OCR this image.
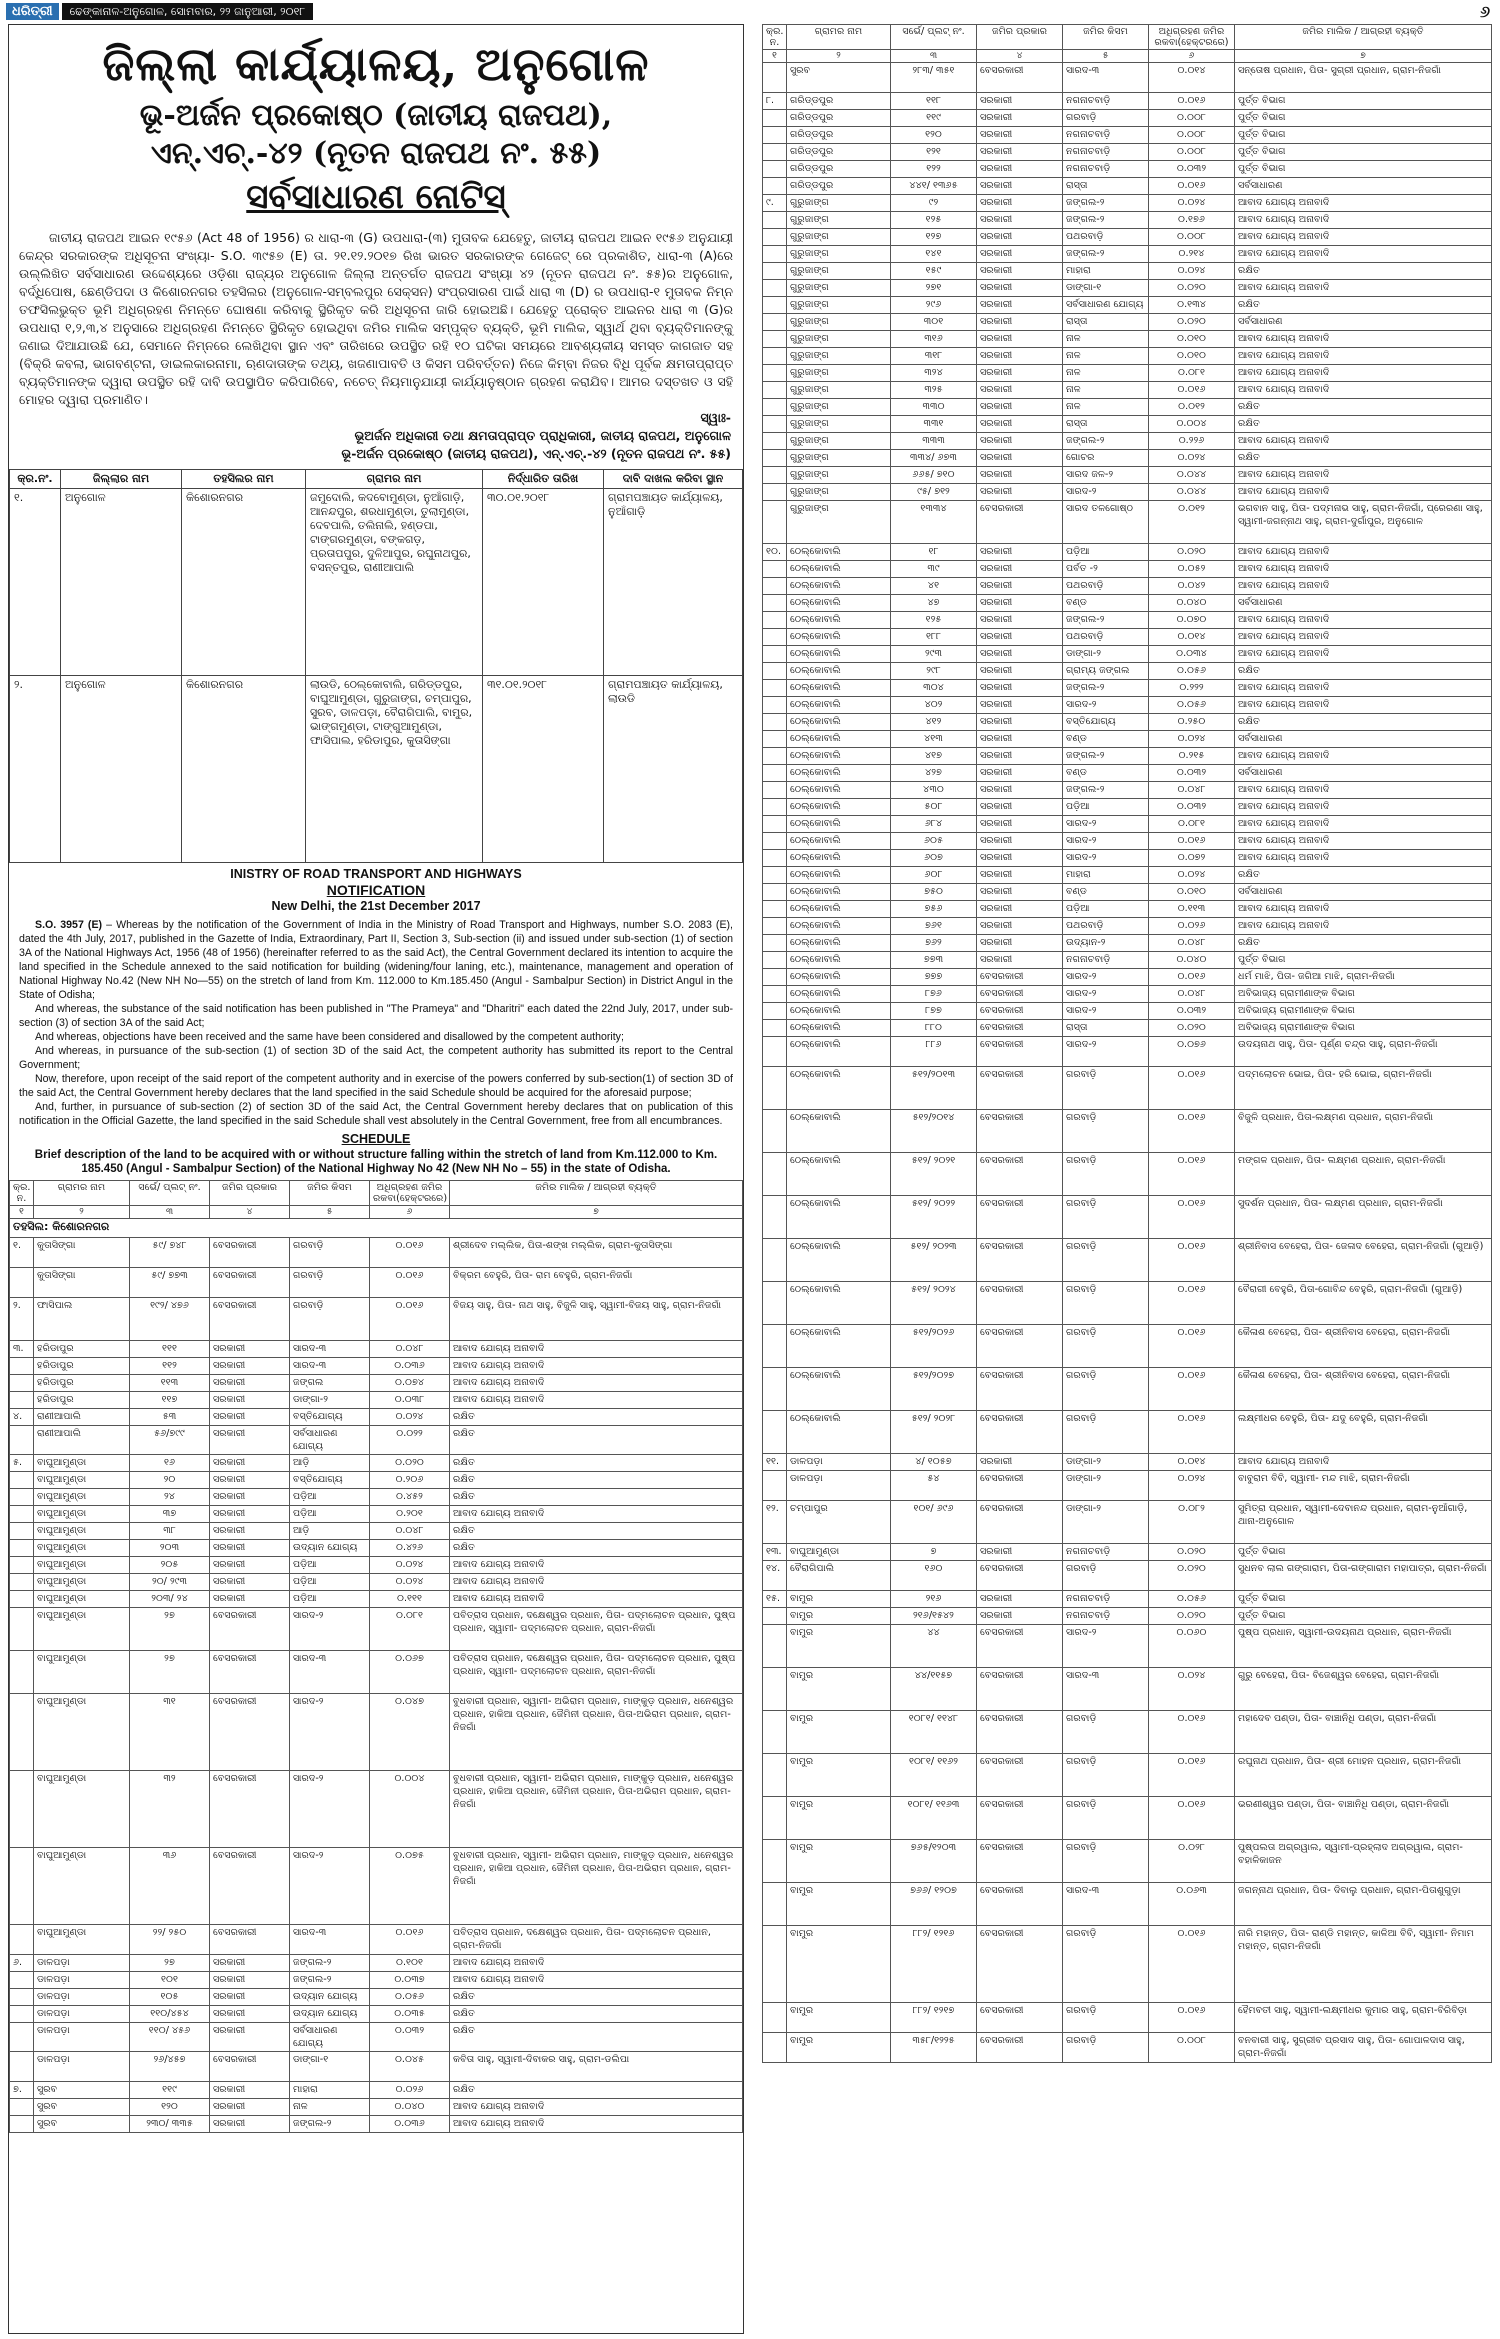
ଧରିତ୍ରୀ	ଢେଙ୍କାନାଳ-ଅନୁଗୋଳ, ସୋମବାର, ୨୨ ଜାନୁଆରୀ, ୨୦୧୮	୬
ଜିଲ୍ଲା କାର୍ଯ୍ୟାଳୟ, ଅନୁଗୋଳ
ଭୂ-ଅର୍ଜନ ପ୍ରକୋଷ୍ଠ (ଜାତୀୟ ରାଜପଥ),
ଏନ୍.ଏଚ୍.-୪୨ (ନୂତନ ରାଜପଥ ନଂ. ୫୫)
ସର୍ବସାଧାରଣ ନୋଟିସ୍

ଜାତୀୟ ରାଜପଥ ଆଇନ ୧୯୫୬ (Act 48 of 1956) ର ଧାରା-୩ (G) ଉପଧାରା-(୩) ମୁତାବକ ଯେହେତୁ, ଜାତୀୟ ରାଜପଥ ଆଇନ ୧୯୫୬ ଅନୁଯାୟୀ କେନ୍ଦ୍ର ସରକାରଙ୍କ ଅଧିସୂଚନା ସଂଖ୍ୟା- S.O. ୩୯୫୭ (E) ତା. ୨୧.୧୨.୨୦୧୭ ରିଖ ଭାରତ ସରକାରଙ୍କ ଗେଜେଟ୍ ରେ ପ୍ରକାଶିତ, ଧାରା-୩ (A)ରେ ଉଲ୍ଲିଖିତ ସର୍ବସାଧାରଣ ଉଦ୍ଦେଶ୍ୟରେ ଓଡ଼ିଶା ରାଜ୍ୟର ଅନୁଗୋଳ ଜିଲ୍ଲା ଅନ୍ତର୍ଗତ ରାଜପଥ ସଂଖ୍ୟା ୪୨ (ନୂତନ ରାଜପଥ ନଂ. ୫୫)ର ଅନୁଗୋଳ, ବର୍ଦ୍ଧିପୋଷ, ଛେଣ୍ଡିପଦା ଓ କିଶୋରନଗର ତହସିଲର (ଅନୁଗୋଳ-ସମ୍ବଲପୁର ସେକ୍ସନ) ସଂପ୍ରସାରଣ ପାଇଁ ଧାରା ୩ (D) ର ଉପଧାରା-୧ ମୁତାବକ ନିମ୍ନ ତଫସିଲଭୁକ୍ତ ଭୂମି ଅଧିଗ୍ରହଣ ନିମନ୍ତେ ଘୋଷଣା କରିବାକୁ ସ୍ଥିରିକୃତ କରି ଅଧିସୂଚନା ଜାରି ହୋଇଅଛି। ଯେହେତୁ ପ୍ରୋକ୍ତ ଆଇନର ଧାରା ୩ (G)ର ଉପଧାରା ୧,୨,୩,୪ ଅନୁସାରେ ଅଧିଗ୍ରହଣ ନିମନ୍ତେ ସ୍ଥିରିକୃତ ହୋଇଥିବା ଜମିର ମାଲିକ ସମ୍ପୃକ୍ତ ବ୍ୟକ୍ତି, ଭୂମି ମାଲିକ, ସ୍ୱାର୍ଥ ଥିବା ବ୍ୟକ୍ତିମାନଙ୍କୁ ଜଣାଇ ଦିଆଯାଉଛି ଯେ, ସେମାନେ ନିମ୍ନରେ ଲେଖିଥିବା ସ୍ଥାନ ଏବଂ ତାରିଖରେ ଉପସ୍ଥିତ ରହି ୧୦ ଘଟିକା ସମୟରେ ଆବଶ୍ୟକୀୟ ସମସ୍ତ କାଗଜାତ ସହ (ବିକ୍ରି କବଲା, ଭାଗବଣ୍ଟନା, ଡାଇଲକାରନାମା, ଋଣଦାତାଙ୍କ ତଥ୍ୟ, ଖଜଣାପାବତି ଓ କିସମ ପରିବର୍ତ୍ତନ) ନିଜେ କିମ୍ବା ନିଜର ବିଧି ପୂର୍ବକ କ୍ଷମତାପ୍ରାପ୍ତ ବ୍ୟକ୍ତିମାନଙ୍କ ଦ୍ୱାରା ଉପସ୍ଥିତ ରହି ଦାବି ଉପସ୍ଥାପିତ କରିପାରିବେ, ନଚେତ୍ ନିୟମାନୁଯାୟୀ କାର୍ଯ୍ୟାନୁଷ୍ଠାନ ଗ୍ରହଣ କରାଯିବ। ଆମର ଦସ୍ତଖତ ଓ ସହି ମୋହର ଦ୍ୱାରା ପ୍ରମାଣିତ।

ସ୍ୱାଃ-
ଭୂଅର୍ଜନ ଅଧିକାରୀ ତଥା କ୍ଷମତାପ୍ରାପ୍ତ ପ୍ରାଧିକାରୀ, ଜାତୀୟ ରାଜପଥ, ଅନୁଗୋଳ
ଭୂ-ଅର୍ଜନ ପ୍ରକୋଷ୍ଠ (ଜାତୀୟ ରାଜପଥ), ଏନ୍.ଏଚ୍.-୪୨ (ନୂତନ ରାଜପଥ ନଂ. ୫୫)
କ୍ର.ନଂ.	ଜିଲ୍ଲାର ନାମ	ତହସିଲର ନାମ	ଗ୍ରାମର ନାମ	ନିର୍ଦ୍ଧାରିତ ତାରିଖ	ଦାବି ଦାଖଲ କରିବା ସ୍ଥାନ
୧.	ଅନୁଗୋଳ	କିଶୋରନଗର	ଜମୁଦୋଲି, କଦବୋମୁଣ୍ଡା, ନୁଆଁଗାଡ଼ି, ଆନନ୍ଦପୁର, ଶରଧାମୁଣ୍ଡା, ତୁଲାମୁଣ୍ଡା, ଦେବପାଲି, ତଲିନାଲି, ହଣ୍ଡପା, ଟାଙ୍ଗରମୁଣ୍ଡା, ବଙ୍କଗଡ଼, ପ୍ରତାପପୁର, ଦୁଳିଆପୁର, ରଘୁନାଥପୁର, ବସନ୍ତପୁର, ରାଣୀଆପାଲି	୩୦.୦୧.୨୦୧୮	ଗ୍ରାମପଞ୍ଚାୟତ କାର୍ଯ୍ୟାଳୟ, ନୁଆଁଗାଡ଼ି
୨.	ଅନୁଗୋଳ	କିଶୋରନଗର	ଲାଉଡି, ଠେଲ୍କୋବାଲି, ଗରିଡ୍ଡପୁର, ବାଘୁଆମୁଣ୍ଡା, ଗୁରୁଜାଙ୍ଗ, ଚମ୍ପାପୁର, ସୁରବ, ଡାଳପଡ଼ା, ବୈରାଗିପାଲି, ବାମୁର, ଭାଙ୍ଗମୁଣ୍ଡା, ଟାଙ୍ଗୁଆମୁଣ୍ଡା, ଫାସିପାଲ, ହରିଡାପୁର, କୁତାସିଙ୍ଗା	୩୧.୦୧.୨୦୧୮	ଗ୍ରାମପଞ୍ଚାୟତ କାର୍ଯ୍ୟାଳୟ, ଲାଉଡି
INISTRY OF ROAD TRANSPORT AND HIGHWAYS
NOTIFICATION
New Delhi, the 21st December 2017

S.O. 3957 (E) – Whereas by the notification of the Government of India in the Ministry of Road Transport and Highways, number S.O. 2083 (E), dated the 4th July, 2017, published in the Gazette of India, Extraordinary, Part II, Section 3, Sub-section (ii) and issued under sub-section (1) of section 3A of the National Highways Act, 1956 (48 of 1956) (hereinafter referred to as the said Act), the Central Government declared its intention to acquire the land specified in the Schedule annexed to the said notification for building (widening/four laning, etc.), maintenance, management and operation of National Highway No.42 (New NH No—55) on the stretch of land from Km. 112.000 to Km.185.450 (Angul - Sambalpur Section) in District Angul in the State of Odisha;

And whereas, the substance of the said notification has been published in "The Prameya" and "Dharitri" each dated the 22nd July, 2017, under sub-section (3) of section 3A of the said Act;

And whereas, objections have been received and the same have been considered and disallowed by the competent authority;

And whereas, in pursuance of the sub-section (1) of section 3D of the said Act, the competent authority has submitted its report to the Central Government;

Now, therefore, upon receipt of the said report of the competent authority and in exercise of the powers conferred by sub-section(1) of section 3D of the said Act, the Central Government hereby declares that the land specified in the said Schedule should be acquired for the aforesaid purpose;

And, further, in pursuance of sub-section (2) of section 3D of the said Act, the Central Government hereby declares that on publication of this notification in the Official Gazette, the land specified in the said Schedule shall vest absolutely in the Central Government, free from all encumbrances.

SCHEDULE
Brief description of the land to be acquired with or without structure falling within the stretch of land from Km.112.000 to Km. 185.450 (Angul - Sambalpur Section) of the National Highway No 42 (New NH No – 55) in the state of Odisha.
କ୍ର. ନ.	ଗ୍ରାମର ନାମ	ସର୍ଭେ/ ପ୍ଲଟ୍ ନଂ.	ଜମିର ପ୍ରକାର	ଜମିର କିସମ	ଅଧିଗ୍ରହଣ ଜମିର ରକବା(ହେକ୍ଟରରେ)	ଜମିର ମାଲିକ / ଆଗ୍ରହୀ ବ୍ୟକ୍ତି
୧	୨	୩	୪	୫	୬	୭
ତହସିଲ: କିଶୋରନଗର						
୧.	କୁତାସିଙ୍ଗା	୫୯/ ୭୪୮	ବେସରକାରୀ	ଗରବାଡ଼ି	୦.୦୧୬	ଶ୍ରୀଦେବ ମଲ୍ଲିକ, ପିତା-ଶଙ୍ଖ ମଲ୍ଲିକ, ଗ୍ରାମ-କୁତାସିଙ୍ଗା
	କୁତାସିଙ୍ଗା	୫୯/ ୭୭୩	ବେସରକାରୀ	ଗରବାଡ଼ି	୦.୦୧୬	ବିକ୍ରମ ବେହୁରି, ପିତା- ରାମ ବେହୁରି, ଗ୍ରାମ-ନିଜଗାଁ
୨.	ଫାସିପାଲ	୧୯୨/ ୪୭୬	ବେସରକାରୀ	ଗରବାଡ଼ି	୦.୦୧୬	ବିଜୟ ସାହୁ, ପିତା- ନାଥ ସାହୁ, ବିଜୁଳି ସାହୁ, ସ୍ୱାମୀ-ବିଜୟ ସାହୁ, ଗ୍ରାମ-ନିଜଗାଁ
୩.	ହରିଡାପୁର	୧୧୧	ସରକାରୀ	ସାରଦ-୩	୦.୦୪୮	ଆବାଦ ଯୋଗ୍ୟ ଅନାବାଦି
	ହରିଡାପୁର	୧୧୨	ସରକାରୀ	ସାରଦ-୩	୦.୦୩୬	ଆବାଦ ଯୋଗ୍ୟ ଅନାବାଦି
	ହରିଡାପୁର	୧୧୩	ସରକାରୀ	ଜଙ୍ଗଲ	୦.୦୭୪	ଆବାଦ ଯୋଗ୍ୟ ଅନାବାଦି
	ହରିଡାପୁର	୧୧୭	ସରକାରୀ	ଡାଙ୍ଗା-୨	୦.୦୩୮	ଆବାଦ ଯୋଗ୍ୟ ଅନାବାଦି
୪.	ରାଣୀଆପାଲି	୫୩	ସରକାରୀ	ବସ୍ତିଯୋଗ୍ୟ	୦.୦୨୪	ରକ୍ଷିତ
	ରାଣୀଆପାଲି	୫୬/୭୯୯	ସରକାରୀ	ସର୍ବସାଧାରଣ ଯୋଗ୍ୟ	୦.୦୨୨	ରକ୍ଷିତ
୫.	ବାଘୁଆମୁଣ୍ଡା	୧୬	ସରକାରୀ	ଆଡ଼ି	୦.୦୨୦	ରକ୍ଷିତ
	ବାଘୁଆମୁଣ୍ଡା	୨୦	ସରକାରୀ	ବସ୍ତିଯୋଗ୍ୟ	୦.୨୦୬	ରକ୍ଷିତ
	ବାଘୁଆମୁଣ୍ଡା	୨୪	ସରକାରୀ	ପଡ଼ିଆ	୦.୪୫୨	ରକ୍ଷିତ
	ବାଘୁଆମୁଣ୍ଡା	୩୭	ସରକାରୀ	ପଡ଼ିଆ	୦.୨୦୧	ଆବାଦ ଯୋଗ୍ୟ ଅନାବାଦି
	ବାଘୁଆମୁଣ୍ଡା	୩୮	ସରକାରୀ	ଆଡ଼ି	୦.୦୪୮	ରକ୍ଷିତ
	ବାଘୁଆମୁଣ୍ଡା	୨୦୩	ସରକାରୀ	ଉଦ୍ୟାନ ଯୋଗ୍ୟ	୦.୪୨୬	ରକ୍ଷିତ
	ବାଘୁଆମୁଣ୍ଡା	୨୦୫	ସରକାରୀ	ପଡ଼ିଆ	୦.୦୨୪	ଆବାଦ ଯୋଗ୍ୟ ଅନାବାଦି
	ବାଘୁଆମୁଣ୍ଡା	୨୦/ ୨୯୩	ସରକାରୀ	ପଡ଼ିଆ	୦.୦୨୪	ଆବାଦ ଯୋଗ୍ୟ ଅନାବାଦି
	ବାଘୁଆମୁଣ୍ଡା	୨୦୩/ ୨୪	ସରକାରୀ	ପଡ଼ିଆ	୦.୧୧୧	ଆବାଦ ଯୋଗ୍ୟ ଅନାବାଦି
	ବାଘୁଆମୁଣ୍ଡା	୨୭	ବେସରକାରୀ	ସାରଦ-୨	୦.୦୮୧	ପବିତ୍ରାସ ପ୍ରଧାନ, ଦକ୍ଷେଶ୍ୱର ପ୍ରଧାନ, ପିତା- ପଦ୍ମଲୋଚନ ପ୍ରଧାନ, ପୁଷ୍ପ ପ୍ରଧାନ, ସ୍ୱାମୀ- ପଦ୍ମଲୋଚନ ପ୍ରଧାନ, ଗ୍ରାମ-ନିଜଗାଁ
	ବାଘୁଆମୁଣ୍ଡା	୨୭	ବେସରକାରୀ	ସାରଦ-୩	୦.୦୬୭	ପବିତ୍ରାସ ପ୍ରଧାନ, ଦକ୍ଷେଶ୍ୱର ପ୍ରଧାନ, ପିତା- ପଦ୍ମଲୋଚନ ପ୍ରଧାନ, ପୁଷ୍ପ ପ୍ରଧାନ, ସ୍ୱାମୀ- ପଦ୍ମଲୋଚନ ପ୍ରଧାନ, ଗ୍ରାମ-ନିଜଗାଁ
	ବାଘୁଆମୁଣ୍ଡା	୩୧	ବେସରକାରୀ	ସାରଦ-୨	୦.୦୪୭	ବୁଧବାରୀ ପ୍ରଧାନ, ସ୍ୱାମୀ- ଅଭିରାମ ପ୍ରଧାନ, ମାଙ୍କୁଡ଼ ପ୍ରଧାନ, ଧନେଶ୍ୱର ପ୍ରଧାନ, ହାକିଆ ପ୍ରଧାନ, ଜୈମିନୀ ପ୍ରଧାନ, ପିତା-ଅଭିରାମ ପ୍ରଧାନ, ଗ୍ରାମ-ନିଜଗାଁ
	ବାଘୁଆମୁଣ୍ଡା	୩୨	ବେସରକାରୀ	ସାରଦ-୨	୦.୦୦୪	ବୁଧବାରୀ ପ୍ରଧାନ, ସ୍ୱାମୀ- ଅଭିରାମ ପ୍ରଧାନ, ମାଙ୍କୁଡ଼ ପ୍ରଧାନ, ଧନେଶ୍ୱର ପ୍ରଧାନ, ହାକିଆ ପ୍ରଧାନ, ଜୈମିନୀ ପ୍ରଧାନ, ପିତା-ଅଭିରାମ ପ୍ରଧାନ, ଗ୍ରାମ-ନିଜଗାଁ
	ବାଘୁଆମୁଣ୍ଡା	୩୬	ବେସରକାରୀ	ସାରଦ-୨	୦.୦୭୫	ବୁଧବାରୀ ପ୍ରଧାନ, ସ୍ୱାମୀ- ଅଭିରାମ ପ୍ରଧାନ, ମାଙ୍କୁଡ଼ ପ୍ରଧାନ, ଧନେଶ୍ୱର ପ୍ରଧାନ, ହାକିଆ ପ୍ରଧାନ, ଜୈମିନୀ ପ୍ରଧାନ, ପିତା-ଅଭିରାମ ପ୍ରଧାନ, ଗ୍ରାମ-ନିଜଗାଁ
	ବାଘୁଆମୁଣ୍ଡା	୨୨/ ୨୫୦	ବେସରକାରୀ	ସାରଦ-୩	୦.୦୧୬	ପବିତ୍ରାସ ପ୍ରଧାନ, ଦକ୍ଷେଶ୍ୱର ପ୍ରଧାନ, ପିତା- ପଦ୍ମଲୋଚନ ପ୍ରଧାନ, ଗ୍ରାମ-ନିଜଗାଁ
୬.	ଡାଳପଡ଼ା	୨୭	ସରକାରୀ	ଜଙ୍ଗଲ-୨	୦.୧୦୧	ଆବାଦ ଯୋଗ୍ୟ ଅନାବାଦି
	ଡାଳପଡ଼ା	୧୦୧	ସରକାରୀ	ଜଙ୍ଗଲ-୨	୦.୦୩୭	ଆବାଦ ଯୋଗ୍ୟ ଅନାବାଦି
	ଡାଳପଡ଼ା	୧୦୫	ସରକାରୀ	ଉଦ୍ୟାନ ଯୋଗ୍ୟ	୦.୦୫୬	ରକ୍ଷିତ
	ଡାଳପଡ଼ା	୧୧୦/୪୫୪	ସରକାରୀ	ଉଦ୍ୟାନ ଯୋଗ୍ୟ	୦.୦୩୫	ରକ୍ଷିତ
	ଡାଳପଡ଼ା	୧୧୦/ ୪୫୬	ସରକାରୀ	ସର୍ବସାଧାରଣ ଯୋଗ୍ୟ	୦.୦୩୨	ରକ୍ଷିତ
	ଡାଳପଡ଼ା	୨୬/୪୫୭	ବେସରକାରୀ	ଡାଙ୍ଗା-୧	୦.୦୪୫	କବିତା ସାହୁ, ସ୍ୱାମୀ-ଦିବାକର ସାହୁ, ଗ୍ରାମ-ଡଲିପା
୭.	ସୁରବ	୧୧୯	ସରକାରୀ	ମାହାରା	୦.୦୨୬	ରକ୍ଷିତ
	ସୁରବ	୧୨୦	ସରକାରୀ	ନାଳ	୦.୦୪୦	ଆବାଦ ଯୋଗ୍ୟ ଅନାବାଦି
	ସୁରବ	୨୩୦/ ୩୩୫	ସରକାରୀ	ଜଙ୍ଗଲ-୨	୦.୦୩୬	ଆବାଦ ଯୋଗ୍ୟ ଅନାବାଦି
କ୍ର. ନ.	ଗ୍ରାମର ନାମ	ସର୍ଭେ/ ପ୍ଲଟ୍ ନଂ.	ଜମିର ପ୍ରକାର	ଜମିର କିସମ	ଅଧିଗ୍ରହଣ ଜମିର ରକବା(ହେକ୍ଟରରେ)	ଜମିର ମାଲିକ / ଆଗ୍ରହୀ ବ୍ୟକ୍ତି
୧	୨	୩	୪	୫	୬	୭
	ସୁରବ	୨୮୩/ ୩୫୧	ବେସରକାରୀ	ସାରଦ-୩	୦.୦୧୪	ସନ୍ତୋଷ ପ୍ରଧାନ, ପିତା- ସୁଗ୍ରୀ ପ୍ରଧାନ, ଗ୍ରାମ-ନିଜଗାଁ
୮.	ଗରିଡ୍ଡପୁର	୧୧୮	ସରକାରୀ	ନଗନାଚବାଡ଼ି	୦.୦୧୬	ପୁର୍ତ୍ତ ବିଭାଗ
	ଗରିଡ୍ଡପୁର	୧୧୯	ସରକାରୀ	ଗରବାଡ଼ି	୦.୦୦୮	ପୁର୍ତ୍ତ ବିଭାଗ
	ଗରିଡ୍ଡପୁର	୧୨୦	ସରକାରୀ	ନଗନାଚବାଡ଼ି	୦.୦୦୮	ପୁର୍ତ୍ତ ବିଭାଗ
	ଗରିଡ୍ଡପୁର	୧୨୧	ସରକାରୀ	ନଗନାଚବାଡ଼ି	୦.୦୦୮	ପୁର୍ତ୍ତ ବିଭାଗ
	ଗରିଡ୍ଡପୁର	୧୨୨	ସରକାରୀ	ନଗନାଚବାଡ଼ି	୦.୦୩୨	ପୁର୍ତ୍ତ ବିଭାଗ
	ଗରିଡ୍ଡପୁର	୪୪୧/ ୧୩୬୫	ସରକାରୀ	ରାସ୍ତା	୦.୦୧୬	ସର୍ବସାଧାରଣ
୯.	ଗୁରୁଜାଙ୍ଗ	୯୨	ସରକାରୀ	ଜଙ୍ଗଲ-୨	୦.୦୨୪	ଆବାଦ ଯୋଗ୍ୟ ଅନାବାଦି
	ଗୁରୁଜାଙ୍ଗ	୧୨୫	ସରକାରୀ	ଜଙ୍ଗଲ-୨	୦.୧୭୬	ଆବାଦ ଯୋଗ୍ୟ ଅନାବାଦି
	ଗୁରୁଜାଙ୍ଗ	୧୨୭	ସରକାରୀ	ପଥରବାଡ଼ି	୦.୦୦୮	ଆବାଦ ଯୋଗ୍ୟ ଅନାବାଦି
	ଗୁରୁଜାଙ୍ଗ	୧୪୧	ସରକାରୀ	ଜଙ୍ଗଲ-୨	୦.୨୧୪	ଆବାଦ ଯୋଗ୍ୟ ଅନାବାଦି
	ଗୁରୁଜାଙ୍ଗ	୧୫୯	ସରକାରୀ	ମାହାରା	୦.୦୨୪	ରକ୍ଷିତ
	ଗୁରୁଜାଙ୍ଗ	୨୭୧	ସରକାରୀ	ଡାଙ୍ଗା-୧	୦.୦୨୦	ଆବାଦ ଯୋଗ୍ୟ ଅନାବାଦି
	ଗୁରୁଜାଙ୍ଗ	୨୯୬	ସରକାରୀ	ସର୍ବସାଧାରଣ ଯୋଗ୍ୟ	୦.୧୩୪	ରକ୍ଷିତ
	ଗୁରୁଜାଙ୍ଗ	୩୦୧	ସରକାରୀ	ରାସ୍ତା	୦.୦୨୦	ସର୍ବସାଧାରଣ
	ଗୁରୁଜାଙ୍ଗ	୩୧୬	ସରକାରୀ	ନାଳ	୦.୦୧୦	ଆବାଦ ଯୋଗ୍ୟ ଅନାବାଦି
	ଗୁରୁଜାଙ୍ଗ	୩୧୮	ସରକାରୀ	ନାଳ	୦.୦୧୦	ଆବାଦ ଯୋଗ୍ୟ ଅନାବାଦି
	ଗୁରୁଜାଙ୍ଗ	୩୨୪	ସରକାରୀ	ନାଳ	୦.୦୮୧	ଆବାଦ ଯୋଗ୍ୟ ଅନାବାଦି
	ଗୁରୁଜାଙ୍ଗ	୩୨୫	ସରକାରୀ	ନାଳ	୦.୦୧୬	ଆବାଦ ଯୋଗ୍ୟ ଅନାବାଦି
	ଗୁରୁଜାଙ୍ଗ	୩୩୦	ସରକାରୀ	ନାଳ	୦.୦୧୨	ରକ୍ଷିତ
	ଗୁରୁଜାଙ୍ଗ	୩୩୧	ସରକାରୀ	ରାସ୍ତା	୦.୦୦୪	ରକ୍ଷିତ
	ଗୁରୁଜାଙ୍ଗ	୩୩୩	ସରକାରୀ	ଜଙ୍ଗଲ-୨	୦.୨୨୬	ଆବାଦ ଯୋଗ୍ୟ ଅନାବାଦି
	ଗୁରୁଜାଙ୍ଗ	୩୩୪/ ୬୭୩	ସରକାରୀ	ଗୋଚର	୦.୦୨୪	ରକ୍ଷିତ
	ଗୁରୁଜାଙ୍ଗ	୬୬୫/ ୭୧୦	ସରକାରୀ	ସାରଦ ଜଳ-୨	୦.୦୪୪	ଆବାଦ ଯୋଗ୍ୟ ଅନାବାଦି
	ଗୁରୁଜାଙ୍ଗ	୯୫/ ୭୧୨	ସରକାରୀ	ସାରଦ-୨	୦.୦୪୪	ଆବାଦ ଯୋଗ୍ୟ ଅନାବାଦି
	ଗୁରୁଜାଙ୍ଗ	୧୩୩୪	ବେସରକାରୀ	ସାରଦ ତଳଗୋଷ୍ଠ	୦.୦୧୨	ଭଗବାନ ସାହୁ, ପିତା- ପଦ୍ମନାଭ ସାହୁ, ଗ୍ରାମ-ନିଜଗାଁ, ପ୍ରେରଣା ସାହୁ, ସ୍ୱାମୀ-ଜଗନ୍ନାଥ ସାହୁ, ଗ୍ରାମ-ଦୁର୍ଗାପୁର, ଅନୁଗୋଳ
୧୦.	ଠେଲ୍କୋବାଲି	୧୮	ସରକାରୀ	ପଡ଼ିଆ	୦.୦୨୦	ଆବାଦ ଯୋଗ୍ୟ ଅନାବାଦି
	ଠେଲ୍କୋବାଲି	୩୯	ସରକାରୀ	ପର୍ବତ -୨	୦.୦୫୨	ଆବାଦ ଯୋଗ୍ୟ ଅନାବାଦି
	ଠେଲ୍କୋବାଲି	୪୧	ସରକାରୀ	ପଥରବାଡ଼ି	୦.୦୪୨	ଆବାଦ ଯୋଗ୍ୟ ଅନାବାଦି
	ଠେଲ୍କୋବାଲି	୪୭	ସରକାରୀ	ବଣ୍ଡ	୦.୦୪୦	ସର୍ବସାଧାରଣ
	ଠେଲ୍କୋବାଲି	୧୨୫	ସରକାରୀ	ଜଙ୍ଗଲ-୨	୦.୦୭୦	ଆବାଦ ଯୋଗ୍ୟ ଅନାବାଦି
	ଠେଲ୍କୋବାଲି	୧୮୮	ସରକାରୀ	ପଥରବାଡ଼ି	୦.୦୧୪	ଆବାଦ ଯୋଗ୍ୟ ଅନାବାଦି
	ଠେଲ୍କୋବାଲି	୨୯୩	ସରକାରୀ	ଡାଙ୍ଗା-୨	୦.୦୩୪	ଆବାଦ ଯୋଗ୍ୟ ଅନାବାଦି
	ଠେଲ୍କୋବାଲି	୨୯୮	ସରକାରୀ	ଗ୍ରାମ୍ୟ ଜଙ୍ଗଲ	୦.୦୫୬	ରକ୍ଷିତ
	ଠେଲ୍କୋବାଲି	୩୦୪	ସରକାରୀ	ଜଙ୍ଗଲ-୨	୦.୨୨୨	ଆବାଦ ଯୋଗ୍ୟ ଅନାବାଦି
	ଠେଲ୍କୋବାଲି	୪୦୨	ସରକାରୀ	ସାରଦ-୨	୦.୦୫୬	ଆବାଦ ଯୋଗ୍ୟ ଅନାବାଦି
	ଠେଲ୍କୋବାଲି	୪୧୨	ସରକାରୀ	ବସ୍ତିଯୋଗ୍ୟ	୦.୨୫୦	ରକ୍ଷିତ
	ଠେଲ୍କୋବାଲି	୪୧୩	ସରକାରୀ	ବଣ୍ଡ	୦.୦୨୪	ସର୍ବସାଧାରଣ
	ଠେଲ୍କୋବାଲି	୪୧୭	ସରକାରୀ	ଜଙ୍ଗଲ-୨	୦.୨୧୫	ଆବାଦ ଯୋଗ୍ୟ ଅନାବାଦି
	ଠେଲ୍କୋବାଲି	୪୨୭	ସରକାରୀ	ବଣ୍ଡ	୦.୦୩୨	ସର୍ବସାଧାରଣ
	ଠେଲ୍କୋବାଲି	୪୩୦	ସରକାରୀ	ଜଙ୍ଗଲ-୨	୦.୦୪୮	ଆବାଦ ଯୋଗ୍ୟ ଅନାବାଦି
	ଠେଲ୍କୋବାଲି	୫୦୮	ସରକାରୀ	ପଡ଼ିଆ	୦.୦୩୨	ଆବାଦ ଯୋଗ୍ୟ ଅନାବାଦି
	ଠେଲ୍କୋବାଲି	୬୮୪	ସରକାରୀ	ସାରଦ-୨	୦.୦୮୧	ଆବାଦ ଯୋଗ୍ୟ ଅନାବାଦି
	ଠେଲ୍କୋବାଲି	୬୦୫	ସରକାରୀ	ସାରଦ-୨	୦.୦୧୬	ଆବାଦ ଯୋଗ୍ୟ ଅନାବାଦି
	ଠେଲ୍କୋବାଲି	୬୦୭	ସରକାରୀ	ସାରଦ-୨	୦.୦୭୨	ଆବାଦ ଯୋଗ୍ୟ ଅନାବାଦି
	ଠେଲ୍କୋବାଲି	୬୦୮	ସରକାରୀ	ମାହାରା	୦.୦୨୪	ରକ୍ଷିତ
	ଠେଲ୍କୋବାଲି	୭୫୦	ସରକାରୀ	ବଣ୍ଡ	୦.୦୧୦	ସର୍ବସାଧାରଣ
	ଠେଲ୍କୋବାଲି	୭୫୬	ସରକାରୀ	ପଡ଼ିଆ	୦.୧୧୩	ଆବାଦ ଯୋଗ୍ୟ ଅନାବାଦି
	ଠେଲ୍କୋବାଲି	୭୬୧	ସରକାରୀ	ପଥରବାଡ଼ି	୦.୦୨୬	ଆବାଦ ଯୋଗ୍ୟ ଅନାବାଦି
	ଠେଲ୍କୋବାଲି	୭୬୨	ସରକାରୀ	ଉଦ୍ୟାନ-୨	୦.୦୪୮	ରକ୍ଷିତ
	ଠେଲ୍କୋବାଲି	୭୭୩	ସରକାରୀ	ନଗନାଚବାଡ଼ି	୦.୦୪୦	ପୁର୍ତ୍ତ ବିଭାଗ
	ଠେଲ୍କୋବାଲି	୭୭୭	ବେସରକାରୀ	ସାରଦ-୨	୦.୦୧୬	ଧର୍ମ ମାଝି, ପିତା- ଜଗିଆ ମାଝି, ଗ୍ରାମ-ନିଜଗାଁ
	ଠେଲ୍କୋବାଲି	୮୭୬	ବେସରକାରୀ	ସାରଦ-୨	୦.୦୪୮	ଅବିଭାଜ୍ୟ ଗ୍ରାମୀଣାଙ୍କ ବିଭାଗ
	ଠେଲ୍କୋବାଲି	୮୭୭	ବେସରକାରୀ	ସାରଦ-୨	୦.୦୩୨	ଅବିଭାଜ୍ୟ ଗ୍ରାମୀଣାଙ୍କ ବିଭାଗ
	ଠେଲ୍କୋବାଲି	୮୮୦	ବେସରକାରୀ	ରାସ୍ତା	୦.୦୨୦	ଅବିଭାଜ୍ୟ ଗ୍ରାମୀଣାଙ୍କ ବିଭାଗ
	ଠେଲ୍କୋବାଲି	୮୮୬	ବେସରକାରୀ	ସାରଦ-୨	୦.୦୭୬	ଉଦୟନାଥ ସାହୁ, ପିତା- ପୂର୍ଣ୍ଣ ଚନ୍ଦ୍ର ସାହୁ, ଗ୍ରାମ-ନିଜଗାଁ
	ଠେଲ୍କୋବାଲି	୫୧୨/୨୦୧୩	ବେସରକାରୀ	ଗରବାଡ଼ି	୦.୦୧୬	ପଦ୍ମଲୋଚନ ଭୋଇ, ପିତା- ହରି ଭୋଇ, ଗ୍ରାମ-ନିଜଗାଁ
	ଠେଲ୍କୋବାଲି	୫୧୨/୨୦୧୪	ବେସରକାରୀ	ଗରବାଡ଼ି	୦.୦୧୬	ବିଜୁଳି ପ୍ରଧାନ, ପିତା-ଲକ୍ଷ୍ମଣ ପ୍ରଧାନ, ଗ୍ରାମ-ନିଜଗାଁ
	ଠେଲ୍କୋବାଲି	୫୧୨/ ୨୦୨୧	ବେସରକାରୀ	ଗରବାଡ଼ି	୦.୦୧୬	ମଙ୍ଗଳ ପ୍ରଧାନ, ପିତା- ଲକ୍ଷ୍ମଣ ପ୍ରଧାନ, ଗ୍ରାମ-ନିଜଗାଁ
	ଠେଲ୍କୋବାଲି	୫୧୨/ ୨୦୨୨	ବେସରକାରୀ	ଗରବାଡ଼ି	୦.୦୧୬	ସୁଦର୍ଶନ ପ୍ରଧାନ, ପିତା- ଲକ୍ଷ୍ମଣ ପ୍ରଧାନ, ଗ୍ରାମ-ନିଜଗାଁ
	ଠେଲ୍କୋବାଲି	୫୧୨/ ୨୦୨୩	ବେସରକାରୀ	ଗରବାଡ଼ି	୦.୦୧୬	ଶ୍ରୀନିବାସ ବେହେରା, ପିତା- ଜେଳାଦ ବେହେରା, ଗ୍ରାମ-ନିଜଗାଁ (ଗୁଆଡ଼ି)
	ଠେଲ୍କୋବାଲି	୫୧୨/ ୨୦୨୪	ବେସରକାରୀ	ଗରବାଡ଼ି	୦.୦୧୬	ବୈରାଗୀ ବେହୁରି, ପିତା-ଗୋବିନ୍ଦ ବେହୁରି, ଗ୍ରାମ-ନିଜଗାଁ (ଗୁଆଡ଼ି)
	ଠେଲ୍କୋବାଲି	୫୧୨/୨୦୨୬	ବେସରକାରୀ	ଗରବାଡ଼ି	୦.୦୧୬	କୈଳାଶ ବେହେରା, ପିତା- ଶ୍ରୀନିବାସ ବେହେରା, ଗ୍ରାମ-ନିଜଗାଁ
	ଠେଲ୍କୋବାଲି	୫୧୨/୨୦୨୭	ବେସରକାରୀ	ଗରବାଡ଼ି	୦.୦୧୬	କୈଳାଶ ବେହେରା, ପିତା- ଶ୍ରୀନିବାସ ବେହେରା, ଗ୍ରାମ-ନିଜଗାଁ
	ଠେଲ୍କୋବାଲି	୫୧୨/ ୨୦୨୮	ବେସରକାରୀ	ଗରବାଡ଼ି	୦.୦୧୬	ଲକ୍ଷ୍ମୀଧର ବେହୁରି, ପିତା- ଯଦୁ ବେହୁରି, ଗ୍ରାମ-ନିଜଗାଁ
୧୧.	ଡାଳପଡ଼ା	୪/ ୧୦୫୭	ସରକାରୀ	ଡାଙ୍ଗା-୨	୦.୦୧୪	ଆବାଦ ଯୋଗ୍ୟ ଅନାବାଦି
	ଡାଳପଡ଼ା	୫୪	ବେସରକାରୀ	ଡାଙ୍ଗା-୨	୦.୦୨୪	ବାବୁରାମ ବିବି, ସ୍ୱାମୀ- ମନ୍ଦ ମାଝି, ଗ୍ରାମ-ନିଜଗାଁ
୧୨.	ଚମ୍ପାପୁର	୧୦୧/ ୬୯୬	ବେସରକାରୀ	ଡାଙ୍ଗା-୨	୦.୦୮୨	ସୁମିତ୍ରା ପ୍ରଧାନ, ସ୍ୱାମୀ-ଦେବାନନ୍ଦ ପ୍ରଧାନ, ଗ୍ରାମ-ନୁଆଁଗାଡ଼ି, ଥାନା-ଅନୁଗୋଳ
୧୩.	ବାଘୁଆମୁଣ୍ଡା	୭	ସରକାରୀ	ନଗନାଚବାଡ଼ି	୦.୦୨୦	ପୁର୍ତ୍ତ ବିଭାଗ
୧୪.	ବୈରାଗିପାଲି	୧୬୦	ବେସରକାରୀ	ଗରବାଡ଼ି	୦.୦୨୦	ସୁଧନବ ଲାଲ ଗଙ୍ଗାରାମ, ପିତା-ଗଙ୍ଗାରାମ ମହାପାତ୍ର, ଗ୍ରାମ-ନିଜଗାଁ
୧୫.	ବାମୁର	୨୧୬	ସରକାରୀ	ନଗନାଚବାଡ଼ି	୦.୦୫୬	ପୁର୍ତ୍ତ ବିଭାଗ
	ବାମୁର	୨୧୬/୧୫୪୨	ସରକାରୀ	ନଗନାଚବାଡ଼ି	୦.୦୨୦	ପୁର୍ତ୍ତ ବିଭାଗ
	ବାମୁର	୪୪	ବେସରକାରୀ	ସାରଦ-୨	୦.୦୬୦	ପୁଷ୍ପ ପ୍ରଧାନ, ସ୍ୱାମୀ-ଉଦୟନାଥ ପ୍ରଧାନ, ଗ୍ରାମ-ନିଜଗାଁ
	ବାମୁର	୪୪/୧୧୫୭	ବେସରକାରୀ	ସାରଦ-୩	୦.୦୨୪	ଗୁରୁ ବେହେରା, ପିତା- ବିଜେଶ୍ୱର ବେହେରା, ଗ୍ରାମ-ନିଜଗାଁ
	ବାମୁର	୧୦୮୧/ ୧୧୪୮	ବେସରକାରୀ	ଗରବାଡ଼ି	୦.୦୧୬	ମହାଦେବ ପଣ୍ଡା, ପିତା- ବାଞ୍ଚାନିଧି ପଣ୍ଡା, ଗ୍ରାମ-ନିଜଗାଁ
	ବାମୁର	୧୦୮୧/ ୧୧୬୨	ବେସରକାରୀ	ଗରବାଡ଼ି	୦.୦୧୬	ରଘୁନାଥ ପ୍ରଧାନ, ପିତା- ଶ୍ରୀ ମୋହନ ପ୍ରଧାନ, ଗ୍ରାମ-ନିଜଗାଁ
	ବାମୁର	୧୦୮୧/ ୧୧୬୩	ବେସରକାରୀ	ଗରବାଡ଼ି	୦.୦୧୬	ଭରଣୀଶ୍ୱର ପଣ୍ଡା, ପିତା- ବାଞ୍ଚାନିଧି ପଣ୍ଡା, ଗ୍ରାମ-ନିଜଗାଁ
	ବାମୁର	୭୬୫/୧୨୦୩	ବେସରକାରୀ	ଗରବାଡ଼ି	୦.୦୨୮	ପୁଷ୍ପଲତା ଅଗ୍ରୱାଲ, ସ୍ୱାମୀ-ପ୍ରହ୍ଲାଦ ଅଗ୍ରୱାଲ, ଗ୍ରାମ-ବହାଳିକାଜନ
	ବାମୁର	୭୬୬/ ୧୨୦୭	ବେସରକାରୀ	ସାରଦ-୩	୦.୦୬୩	ଜଗନ୍ନାଥ ପ୍ରଧାନ, ପିତା- ଦିବାଲୁ ପ୍ରଧାନ, ଗ୍ରାମ-ପିତାଶୁଗୁଡ଼ା
	ବାମୁର	୮୮୨/ ୧୨୧୬	ବେସରକାରୀ	ଗରବାଡ଼ି	୦.୦୧୬	ନାରି ମହାନ୍ତ, ପିତା- ରାଣ୍ଡି ମହାନ୍ତ, କାଳିଆ ବିବି, ସ୍ୱାମୀ- ନିମାମ ମହାନ୍ତ, ଗ୍ରାମ-ନିଜଗାଁ
	ବାମୁର	୮୮୨/ ୧୨୧୭	ବେସରକାରୀ	ଗରବାଡ଼ି	୦.୦୧୬	ହୈମବତୀ ସାହୁ, ସ୍ୱାମୀ-ଲକ୍ଷ୍ମୀଧର କୁମାର ସାହୁ, ଗ୍ରାମ-ବିରିବିଡ଼ା
	ବାମୁର	୩୫୮/୧୨୨୫	ବେସରକାରୀ	ଗରବାଡ଼ି	୦.୦୦୮	ବନବାରୀ ସାହୁ, ସୁଗ୍ରୀବ ପ୍ରସାଦ ସାହୁ, ପିତା- ଗୋପାଳଦାସ ସାହୁ, ଗ୍ରାମ-ନିଜଗାଁ
